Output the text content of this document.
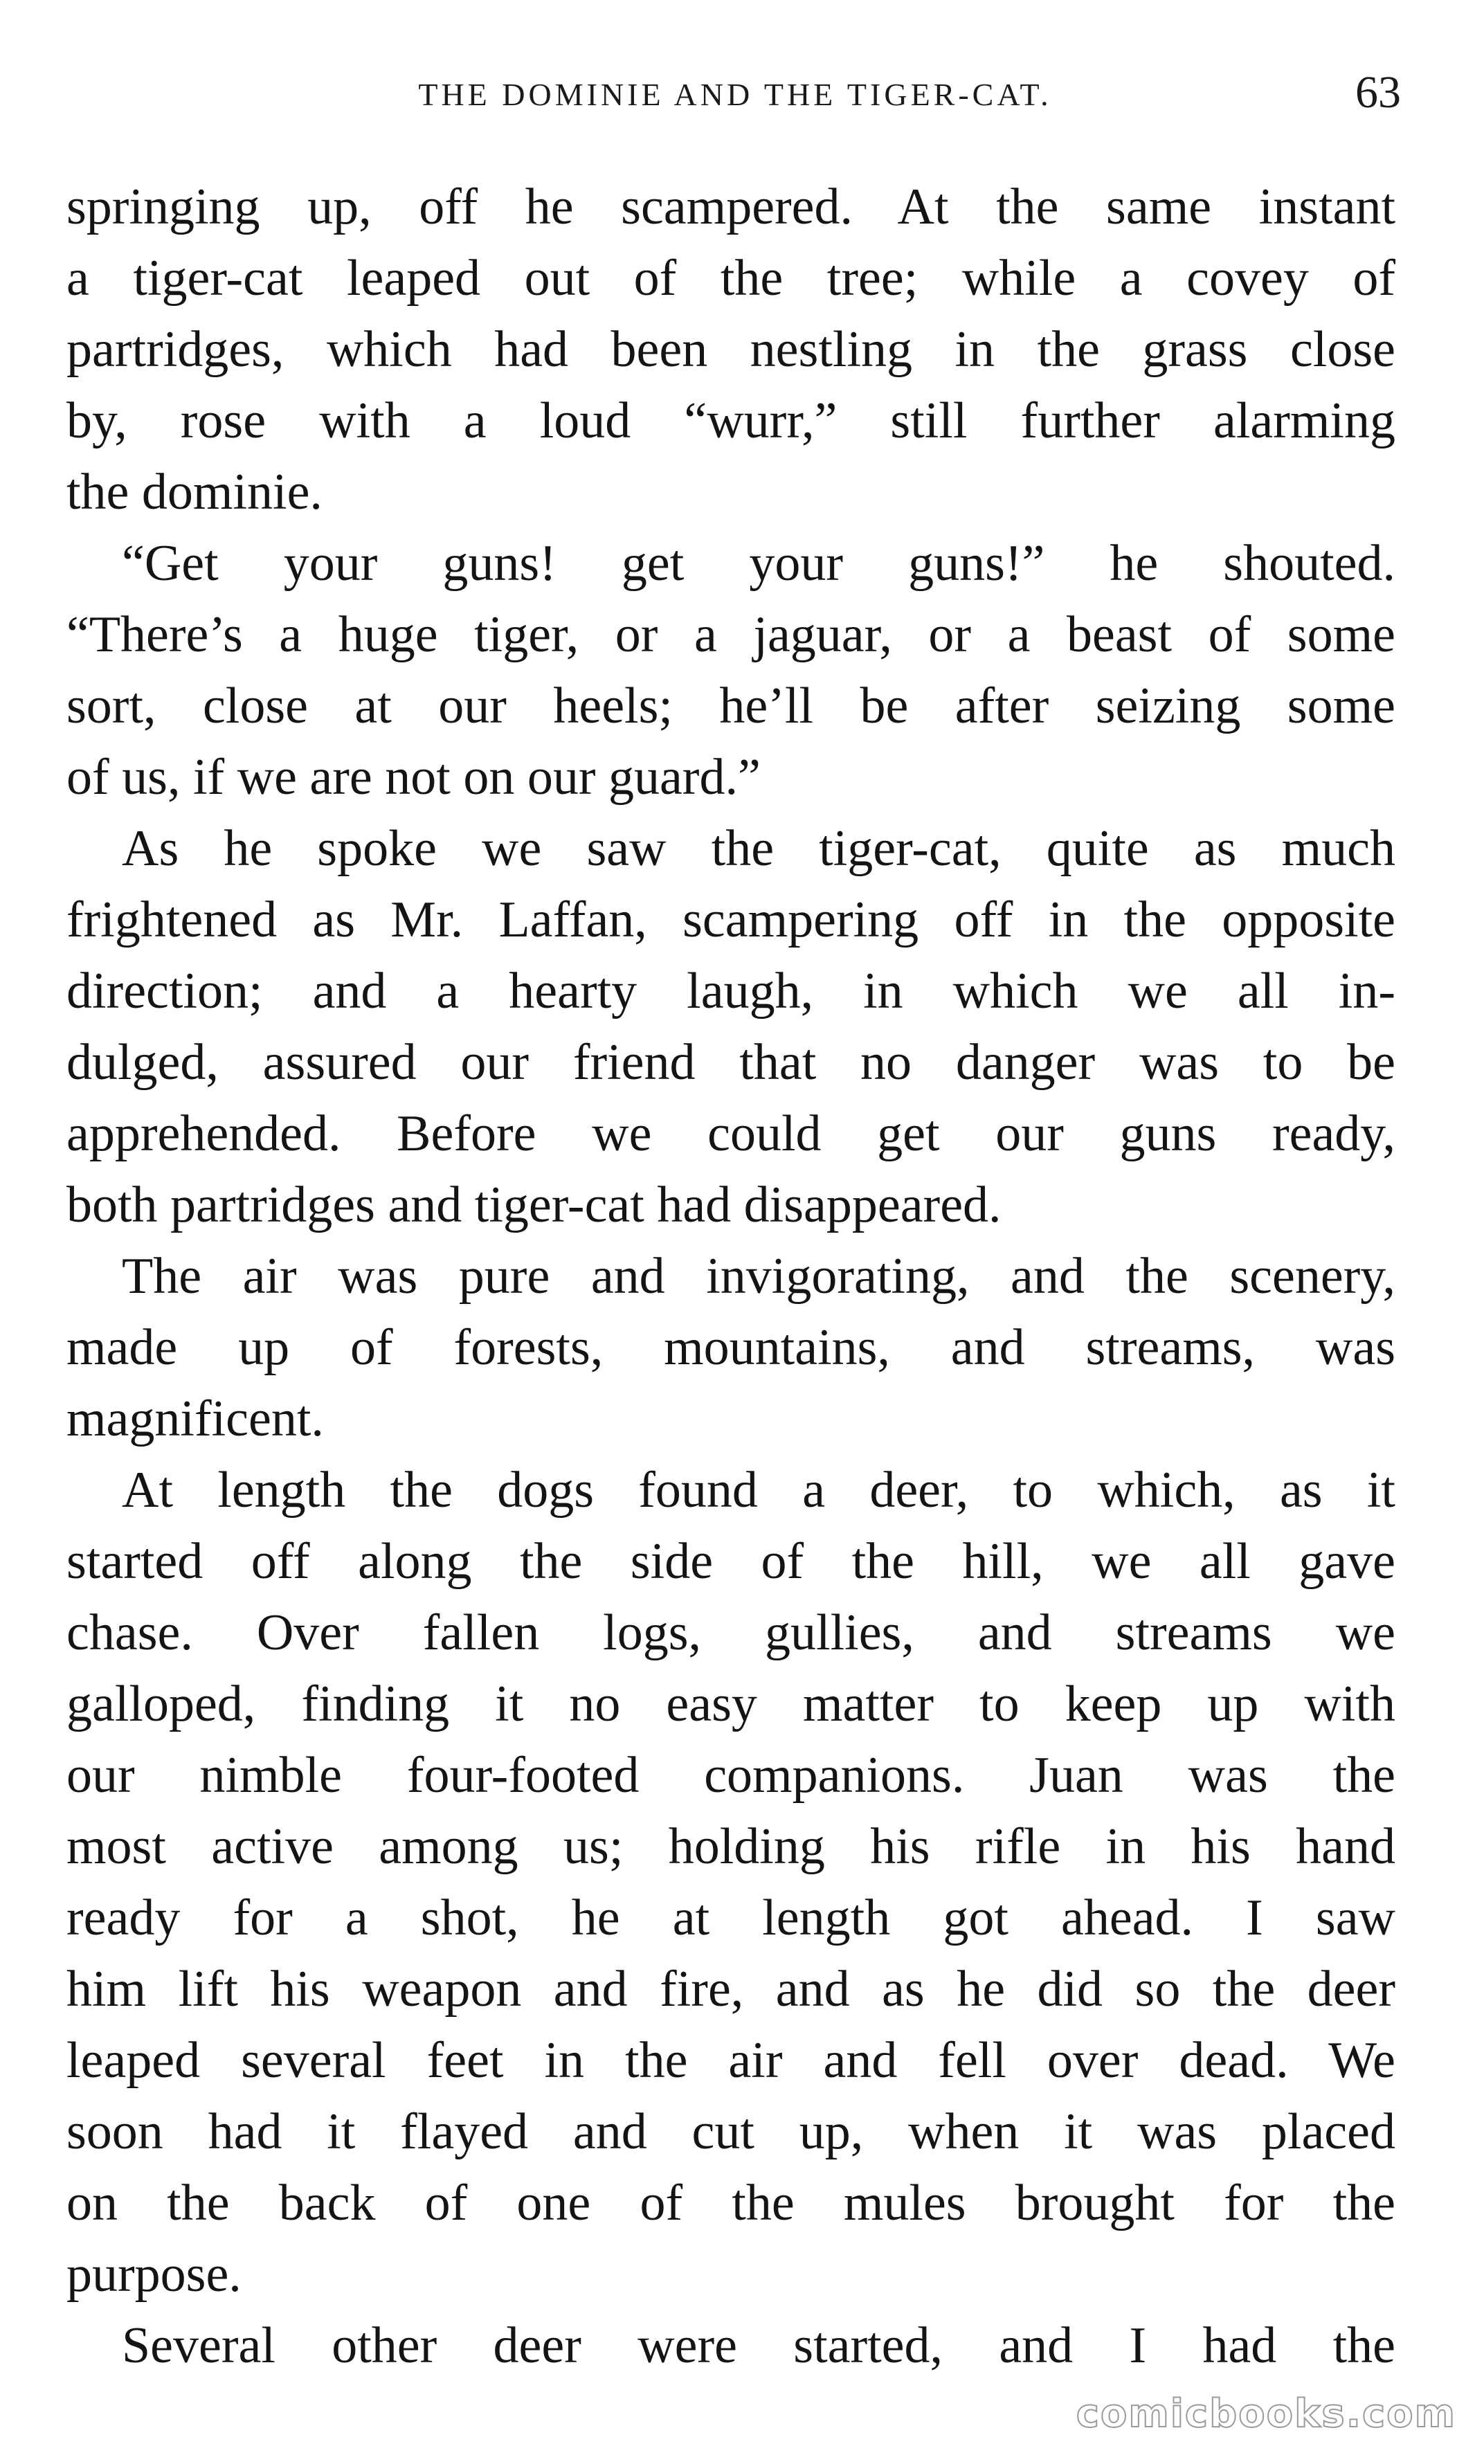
THE DOMINIE AND THE TIGER-CAT.	63

springing up, off he scampered. At the same instant
a tiger-cat leaped out of the tree; while a covey of
partridges, which had been nestling in the grass close
by, rose with a loud “wurr,” still further alarming
the dominie.

“Get your guns! get your guns!” he shouted.
“There’s a huge tiger, or a jaguar, or a beast of some
sort, close at our heels; he’ll be after seizing some
of us, if we are not on our guard.”

As he spoke we saw the tiger-cat, quite as much
frightened as Mr. Laffan, scampering off in the opposite
direction; and a hearty laugh, in which we all in-
dulged, assured our friend that no danger was to be
apprehended. Before we could get our guns ready,
both partridges and tiger-cat had disappeared.

The air was pure and invigorating, and the scenery,
made up of forests, mountains, and streams, was
magnificent.

At length the dogs found a deer, to which, as it
started off along the side of the hill, we all gave
chase. Over fallen logs, gullies, and streams we
galloped, finding it no easy matter to keep up with
our nimble four-footed companions. Juan was the
most active among us; holding his rifle in his hand
ready for a shot, he at length got ahead. I saw
him lift his weapon and fire, and as he did so the deer
leaped several feet in the air and fell over dead. We
soon had it flayed and cut up, when it was placed
on the back of one of the mules brought for the
purpose.

Several other deer were started, and I had the

comicbooks.com
